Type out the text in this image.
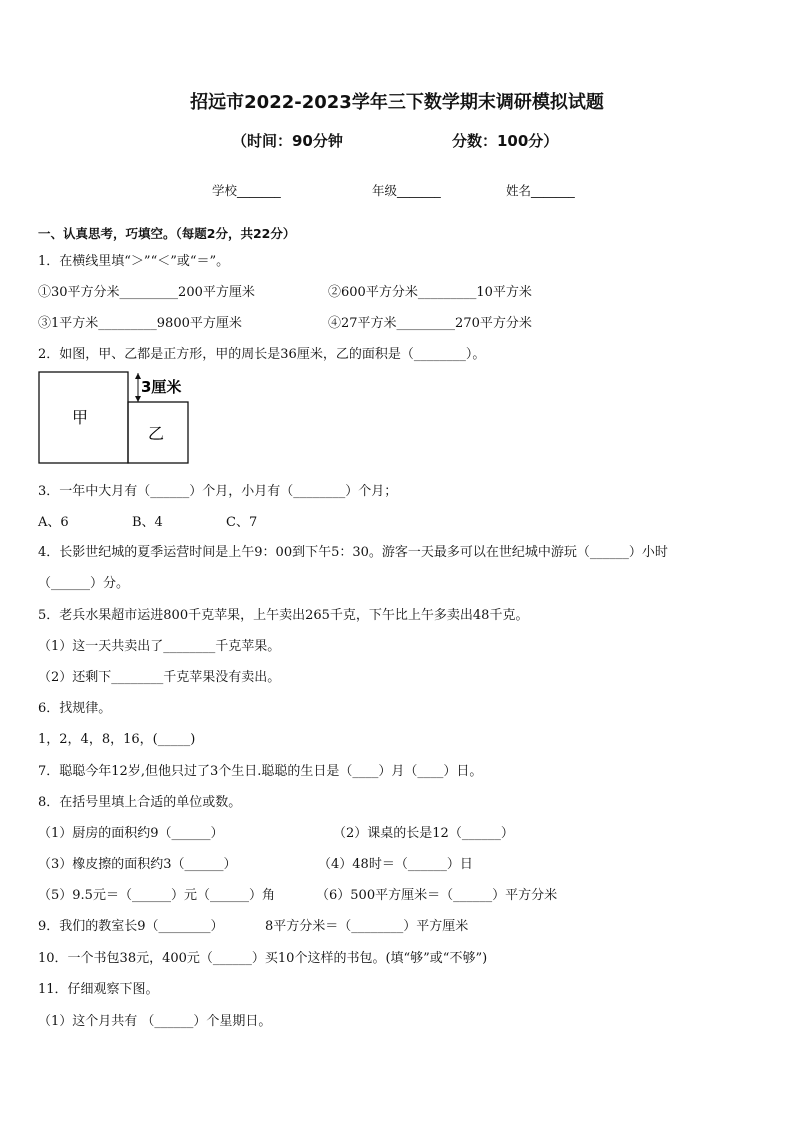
招远市2022-2023学年三下数学期末调研模拟试题
（时间：90分钟	分数：100分）
学校_______	年级_______	姓名_______
一、认真思考，巧填空。（每题2分，共22分）
1．在横线里填“＞”“＜”或“＝”。
①30平方分米_________200平方厘米	②600平方分米_________10平方米
③1平方米_________9800平方厘米	④27平方米_________270平方分米
2．如图，甲、乙都是正方形，甲的周长是36厘米，乙的面积是（________）。
甲
乙
3厘米
3．一年中大月有（______）个月，小月有（________）个月；
A、6	B、4	C、7
4．长影世纪城的夏季运营时间是上午9：00到下午5：30。游客一天最多可以在世纪城中游玩（______）小时
（______）分。
5．老兵水果超市运进800千克苹果，上午卖出265千克，下午比上午多卖出48千克。
（1）这一天共卖出了________千克苹果。
（2）还剩下________千克苹果没有卖出。
6．找规律。
1，2，4，8，16，(_____)
7．聪聪今年12岁,但他只过了3个生日.聪聪的生日是（____）月（____）日。
8．在括号里填上合适的单位或数。
（1）厨房的面积约9（______）	（2）课桌的长是12（______）
（3）橡皮擦的面积约3（______）	（4）48时＝（______）日
（5）9.5元＝（______）元（______）角	（6）500平方厘米＝（______）平方分米
9．我们的教室长9（________）	8平方分米＝（________）平方厘米
10．一个书包38元，400元（______）买10个这样的书包。(填“够”或“不够”)
11．仔细观察下图。
（1）这个月共有 （______）个星期日。
